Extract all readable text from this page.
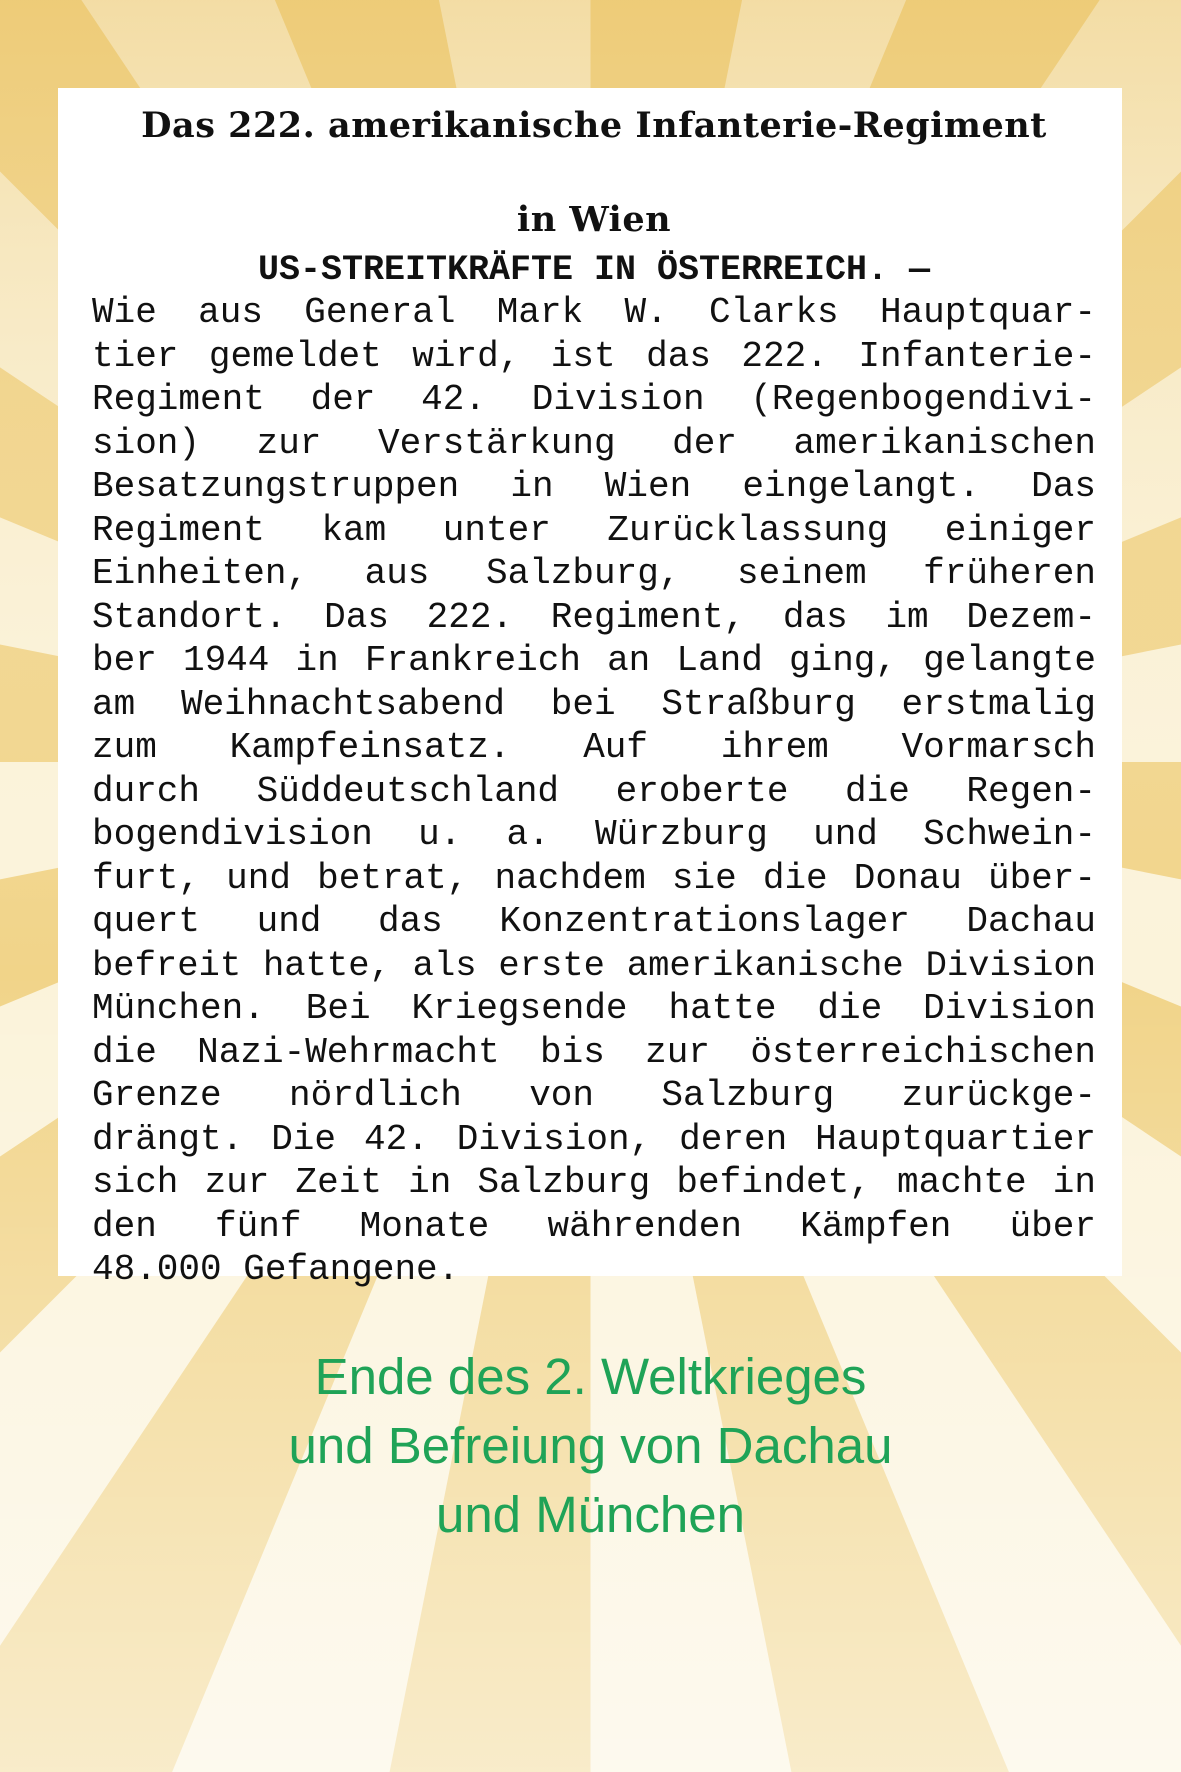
Das 222. amerikanische Infanterie-Regiment

in Wien

US-STREITKRÄFTE IN ÖSTERREICH. —

Wie aus General Mark W. Clarks Hauptquar-
tier gemeldet wird, ist das 222. Infanterie-
Regiment der 42. Division (Regenbogendivi-
sion) zur Verstärkung der amerikanischen
Besatzungstruppen in Wien eingelangt. Das
Regiment kam unter Zurücklassung einiger
Einheiten, aus Salzburg, seinem früheren
Standort. Das 222. Regiment, das im Dezem-
ber 1944 in Frankreich an Land ging, gelangte
am Weihnachtsabend bei Straßburg erstmalig
zum Kampfeinsatz. Auf ihrem Vormarsch
durch Süddeutschland eroberte die Regen-
bogendivision u. a. Würzburg und Schwein-
furt, und betrat, nachdem sie die Donau über-
quert und das Konzentrationslager Dachau
befreit hatte, als erste amerikanische Division
München. Bei Kriegsende hatte die Division
die Nazi-Wehrmacht bis zur österreichischen
Grenze nördlich von Salzburg zurückge-
drängt. Die 42. Division, deren Hauptquartier
sich zur Zeit in Salzburg befindet, machte in
den fünf Monate währenden Kämpfen über
48.000 Gefangene.
Ende des 2. Weltkrieges
und Befreiung von Dachau
und München
